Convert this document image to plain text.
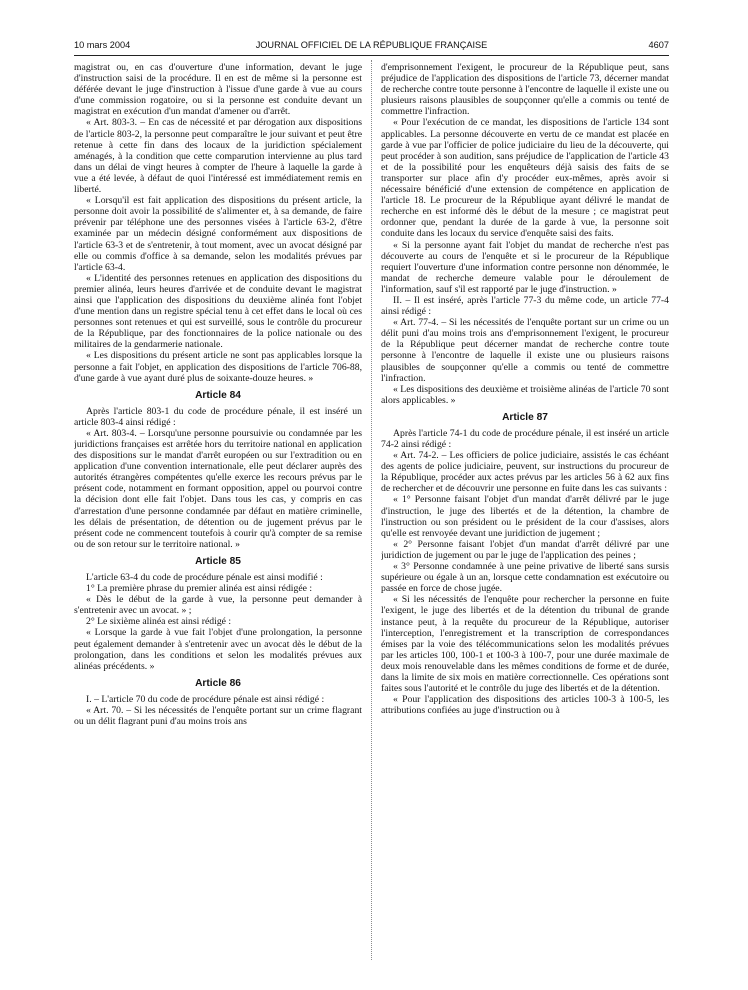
10 mars 2004	JOURNAL OFFICIEL DE LA RÉPUBLIQUE FRANÇAISE	4607

magistrat ou, en cas d'ouverture d'une information, devant le juge d'instruction saisi de la procédure. Il en est de même si la personne est déférée devant le juge d'instruction à l'issue d'une garde à vue au cours d'une commission rogatoire, ou si la personne est conduite devant un magistrat en exécution d'un mandat d'amener ou d'arrêt.

« Art. 803-3. – En cas de nécessité et par dérogation aux dispositions de l'article 803-2, la personne peut comparaître le jour suivant et peut être retenue à cette fin dans des locaux de la juridiction spécialement aménagés, à la condition que cette comparution intervienne au plus tard dans un délai de vingt heures à compter de l'heure à laquelle la garde à vue a été levée, à défaut de quoi l'intéressé est immédiatement remis en liberté.

« Lorsqu'il est fait application des dispositions du présent article, la personne doit avoir la possibilité de s'alimenter et, à sa demande, de faire prévenir par téléphone une des personnes visées à l'article 63-2, d'être examinée par un médecin désigné conformément aux dispositions de l'article 63-3 et de s'entretenir, à tout moment, avec un avocat désigné par elle ou commis d'office à sa demande, selon les modalités prévues par l'article 63-4.

« L'identité des personnes retenues en application des dispositions du premier alinéa, leurs heures d'arrivée et de conduite devant le magistrat ainsi que l'application des dispositions du deuxième alinéa font l'objet d'une mention dans un registre spécial tenu à cet effet dans le local où ces personnes sont retenues et qui est surveillé, sous le contrôle du procureur de la République, par des fonctionnaires de la police nationale ou des militaires de la gendarmerie nationale.

« Les dispositions du présent article ne sont pas applicables lorsque la personne a fait l'objet, en application des dispositions de l'article 706-88, d'une garde à vue ayant duré plus de soixante-douze heures. »

Article 84

Après l'article 803-1 du code de procédure pénale, il est inséré un article 803-4 ainsi rédigé :

« Art. 803-4. – Lorsqu'une personne poursuivie ou condamnée par les juridictions françaises est arrêtée hors du territoire national en application des dispositions sur le mandat d'arrêt européen ou sur l'extradition ou en application d'une convention internationale, elle peut déclarer auprès des autorités étrangères compétentes qu'elle exerce les recours prévus par le présent code, notamment en formant opposition, appel ou pourvoi contre la décision dont elle fait l'objet. Dans tous les cas, y compris en cas d'arrestation d'une personne condamnée par défaut en matière criminelle, les délais de présentation, de détention ou de jugement prévus par le présent code ne commencent toutefois à courir qu'à compter de sa remise ou de son retour sur le territoire national. »

Article 85

L'article 63-4 du code de procédure pénale est ainsi modifié :

1° La première phrase du premier alinéa est ainsi rédigée :

« Dès le début de la garde à vue, la personne peut demander à s'entretenir avec un avocat. » ;

2° Le sixième alinéa est ainsi rédigé :

« Lorsque la garde à vue fait l'objet d'une prolongation, la personne peut également demander à s'entretenir avec un avocat dès le début de la prolongation, dans les conditions et selon les modalités prévues aux alinéas précédents. »

Article 86

I. – L'article 70 du code de procédure pénale est ainsi rédigé :

« Art. 70. – Si les nécessités de l'enquête portant sur un crime flagrant ou un délit flagrant puni d'au moins trois ans

d'emprisonnement l'exigent, le procureur de la République peut, sans préjudice de l'application des dispositions de l'article 73, décerner mandat de recherche contre toute personne à l'encontre de laquelle il existe une ou plusieurs raisons plausibles de soupçonner qu'elle a commis ou tenté de commettre l'infraction.

« Pour l'exécution de ce mandat, les dispositions de l'article 134 sont applicables. La personne découverte en vertu de ce mandat est placée en garde à vue par l'officier de police judiciaire du lieu de la découverte, qui peut procéder à son audition, sans préjudice de l'application de l'article 43 et de la possibilité pour les enquêteurs déjà saisis des faits de se transporter sur place afin d'y procéder eux-mêmes, après avoir si nécessaire bénéficié d'une extension de compétence en application de l'article 18. Le procureur de la République ayant délivré le mandat de recherche en est informé dès le début de la mesure ; ce magistrat peut ordonner que, pendant la durée de la garde à vue, la personne soit conduite dans les locaux du service d'enquête saisi des faits.

« Si la personne ayant fait l'objet du mandat de recherche n'est pas découverte au cours de l'enquête et si le procureur de la République requiert l'ouverture d'une information contre personne non dénommée, le mandat de recherche demeure valable pour le déroulement de l'information, sauf s'il est rapporté par le juge d'instruction. »

II. – Il est inséré, après l'article 77-3 du même code, un article 77-4 ainsi rédigé :

« Art. 77-4. – Si les nécessités de l'enquête portant sur un crime ou un délit puni d'au moins trois ans d'emprisonnement l'exigent, le procureur de la République peut décerner mandat de recherche contre toute personne à l'encontre de laquelle il existe une ou plusieurs raisons plausibles de soupçonner qu'elle a commis ou tenté de commettre l'infraction.

« Les dispositions des deuxième et troisième alinéas de l'article 70 sont alors applicables. »

Article 87

Après l'article 74-1 du code de procédure pénale, il est inséré un article 74-2 ainsi rédigé :

« Art. 74-2. – Les officiers de police judiciaire, assistés le cas échéant des agents de police judiciaire, peuvent, sur instructions du procureur de la République, procéder aux actes prévus par les articles 56 à 62 aux fins de rechercher et de découvrir une personne en fuite dans les cas suivants :

« 1° Personne faisant l'objet d'un mandat d'arrêt délivré par le juge d'instruction, le juge des libertés et de la détention, la chambre de l'instruction ou son président ou le président de la cour d'assises, alors qu'elle est renvoyée devant une juridiction de jugement ;

« 2° Personne faisant l'objet d'un mandat d'arrêt délivré par une juridiction de jugement ou par le juge de l'application des peines ;

« 3° Personne condamnée à une peine privative de liberté sans sursis supérieure ou égale à un an, lorsque cette condamnation est exécutoire ou passée en force de chose jugée.

« Si les nécessités de l'enquête pour rechercher la personne en fuite l'exigent, le juge des libertés et de la détention du tribunal de grande instance peut, à la requête du procureur de la République, autoriser l'interception, l'enregistrement et la transcription de correspondances émises par la voie des télécommunications selon les modalités prévues par les articles 100, 100-1 et 100-3 à 100-7, pour une durée maximale de deux mois renouvelable dans les mêmes conditions de forme et de durée, dans la limite de six mois en matière correctionnelle. Ces opérations sont faites sous l'autorité et le contrôle du juge des libertés et de la détention.

« Pour l'application des dispositions des articles 100-3 à 100-5, les attributions confiées au juge d'instruction ou à
